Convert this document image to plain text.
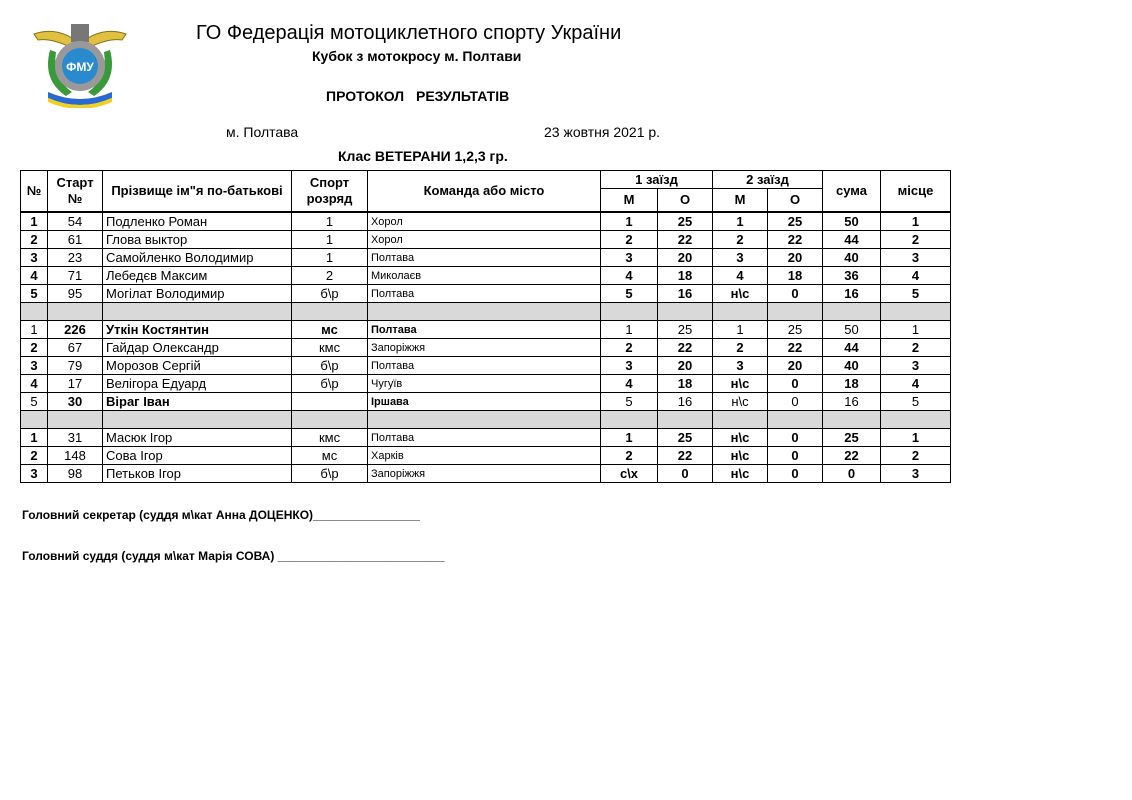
ФМУ
ГО Федерація мотоциклетного спорту України
Кубок з мотокросу м. Полтави
ПРОТОКОЛ РЕЗУЛЬТАТІВ
м. Полтава	23 жовтня 2021 р.
Клас ВЕТЕРАНИ 1,2,3 гр.
№	Старт №	Прізвище ім"я по-батькові	Спорт розряд	Команда або місто	1 заїзд		2 заїзд		сума	місце
					М	О	М	О		
1	54	Подленко Роман	1	Хорол	1	25	1	25	50	1
2	61	Глова выктор	1	Хорол	2	22	2	22	44	2
3	23	Самойленко Володимир	1	Полтава	3	20	3	20	40	3
4	71	Лебедєв Максим	2	Миколаєв	4	18	4	18	36	4
5	95	Могілат Володимир	б\р	Полтава	5	16	н\с	0	16	5

1	226	Уткін Костянтин	мс	Полтава	1	25	1	25	50	1
2	67	Гайдар Олександр	кмс	Запоріжжя	2	22	2	22	44	2
3	79	Морозов Сергій	б\р	Полтава	3	20	3	20	40	3
4	17	Велігора Едуард	б\р	Чугуїв	4	18	н\с	0	18	4
5	30	Віраг Іван		Іршава	5	16	н\с	0	16	5

1	31	Масюк Ігор	кмс	Полтава	1	25	н\с	0	25	1
2	148	Сова Ігор	мс	Харків	2	22	н\с	0	22	2
3	98	Петьков Ігор	б\р	Запоріжжя	с\х	0	н\с	0	0	3
Головний секретар (суддя м\кат Анна ДОЦЕНКО)________________
Головний суддя (суддя м\кат Марія СОВА) _________________________
